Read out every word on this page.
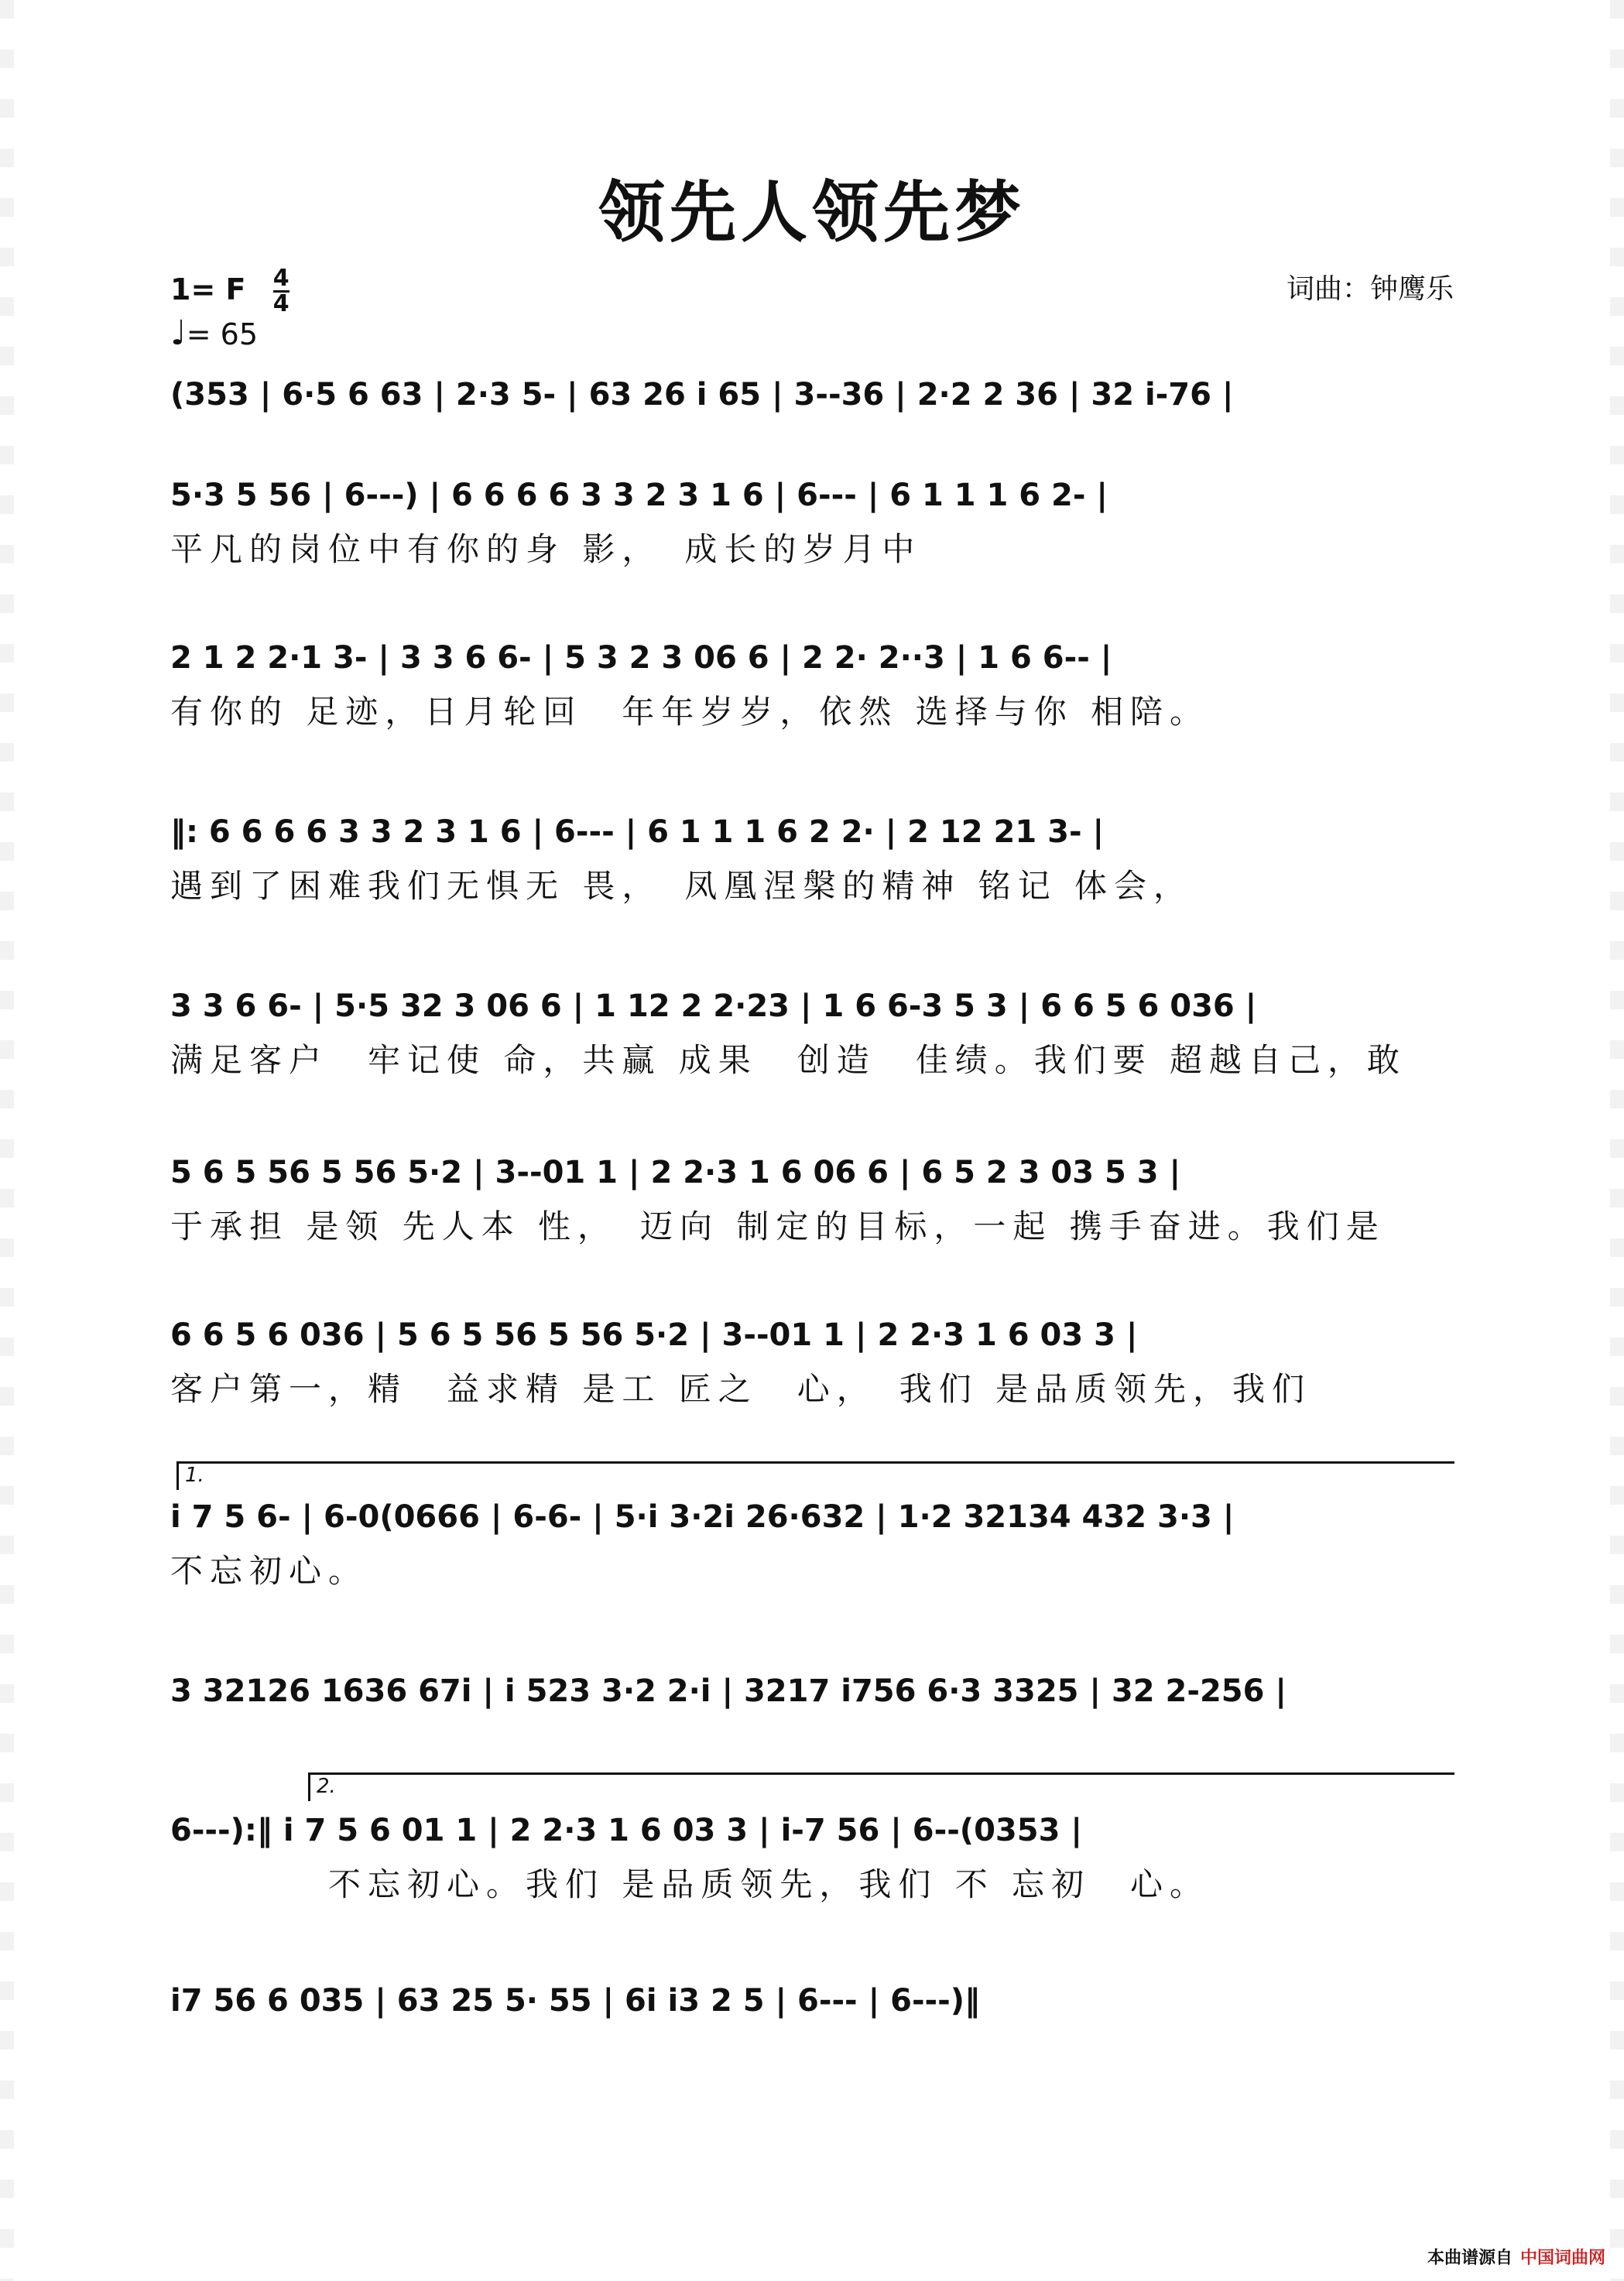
领先人领先梦
1= F $\frac{4}{4}$
♩= 65
词曲：钟鹰乐
(353 | 6·5 6 63 | 2·3 5- | 63 26 i 65 | 3--36 | 2·2 2 36 | 32 i-76 |
5·3 5 56 | 6---) | 6 6 6 6 3 3 2 3 1 6 | 6--- | 6 1 1 1 6 2- |
平凡的岗位中有你的身 影，　成长的岁月中
2 1 2 2·1 3- | 3 3 6 6- | 5 3 2 3 06 6 | 2 2· 2··3 | 1 6 6-- |
有你的 足迹，日月轮回　年年岁岁，依然 选择与你 相陪。
‖: 6 6 6 6 3 3 2 3 1 6 | 6--- | 6 1 1 1 6 2 2· | 2 12 21 3- |
遇到了困难我们无惧无 畏，　凤凰涅槃的精神 铭记 体会，
3 3 6 6- | 5·5 32 3 06 6 | 1 12 2 2·23 | 1 6 6-3 5 3 | 6 6 5 6 036 |
满足客户　牢记使 命，共赢 成果　创造　佳绩。我们要 超越自己，敢
5 6 5 56 5 56 5·2 | 3--01 1 | 2 2·3 1 6 06 6 | 6 5 2 3 03 5 3 |
于承担 是领 先人本 性，　迈向 制定的目标，一起 携手奋进。我们是
6 6 5 6 036 | 5 6 5 56 5 56 5·2 | 3--01 1 | 2 2·3 1 6 03 3 |
客户第一，精　益求精 是工 匠之　心，　我们 是品质领先，我们
1.
i 7 5 6- | 6-0(0666 | 6-6- | 5·i 3·2i 26·632 | 1·2 32134 432 3·3 |
不忘初心。
3 32126 1636 67i | i 523 3·2 2·i | 3217 i756 6·3 3325 | 32 2-256 |
2.
6---):‖ i 7 5 6 01 1 | 2 2·3 1 6 03 3 | i-7 56 | 6--(0353 |
　　　　不忘初心。我们 是品质领先，我们 不 忘初　心。
i7 56 6 035 | 63 25 5· 55 | 6i i3 2 5 | 6--- | 6---)‖
本曲谱源自 中国词曲网
